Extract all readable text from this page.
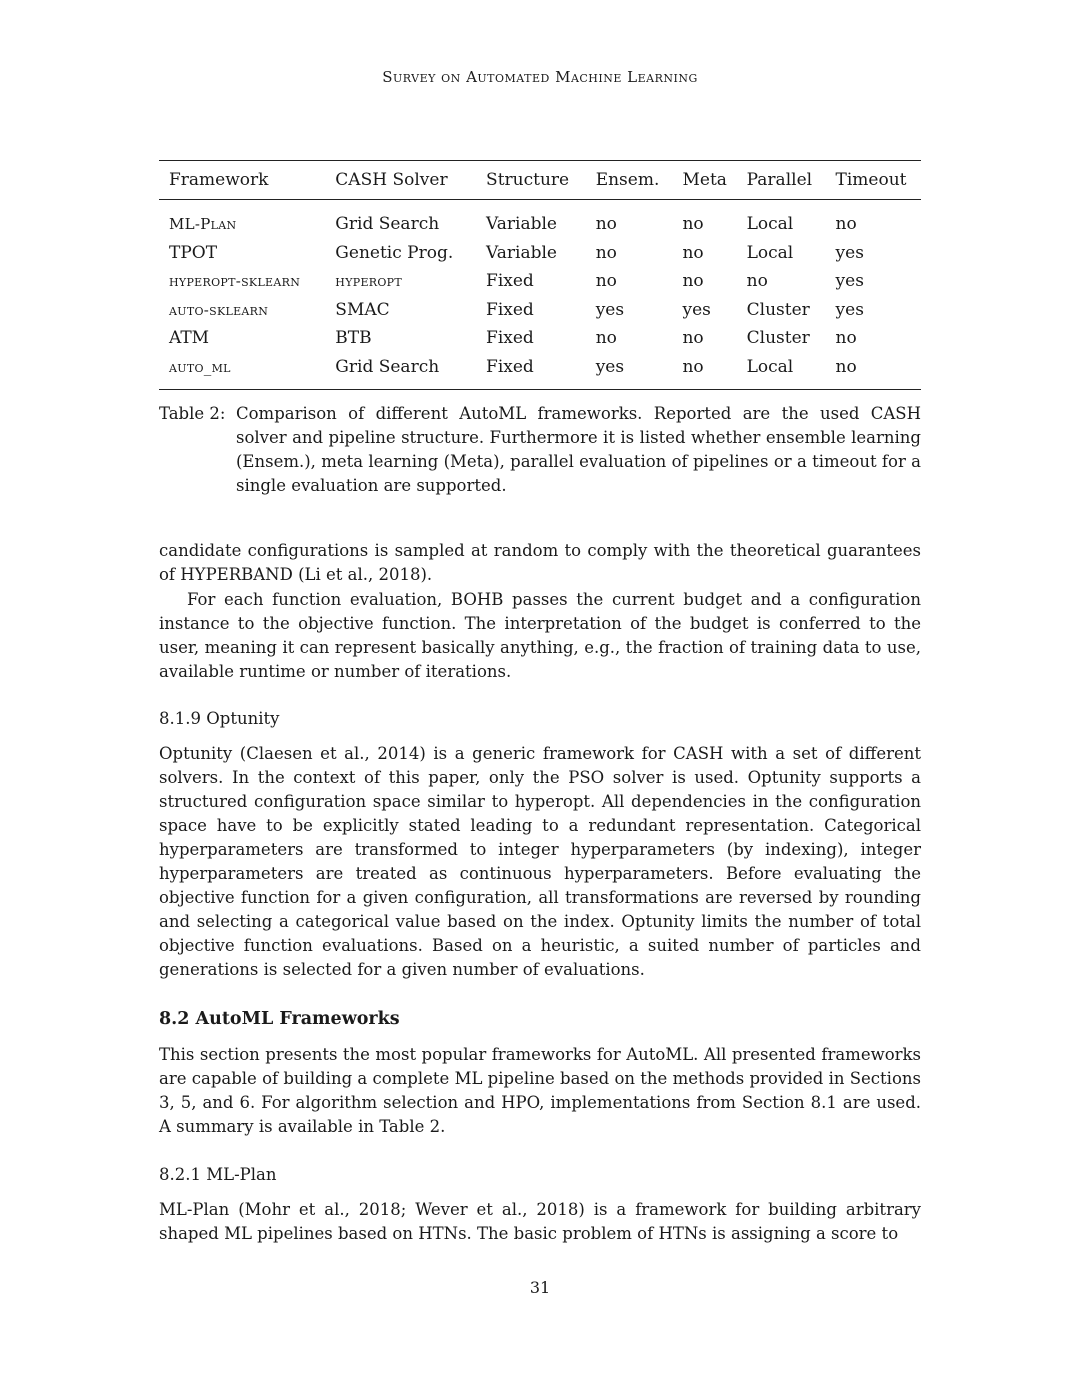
Survey on Automated Machine Learning
Framework	CASH Solver	Structure	Ensem.	Meta	Parallel	Timeout
ML-Plan	Grid Search	Variable	no	no	Local	no
TPOT	Genetic Prog.	Variable	no	no	Local	yes
hyperopt-sklearn	hyperopt	Fixed	no	no	no	yes
auto-sklearn	SMAC	Fixed	yes	yes	Cluster	yes
ATM	BTB	Fixed	no	no	Cluster	no
auto_ml	Grid Search	Fixed	yes	no	Local	no
Table 2: Comparison of different AutoML frameworks. Reported are the used CASH solver and pipeline structure. Furthermore it is listed whether ensemble learning (Ensem.), meta learning (Meta), parallel evaluation of pipelines or a timeout for a single evaluation are supported.

candidate configurations is sampled at random to comply with the theoretical guarantees of HYPERBAND (Li et al., 2018).

For each function evaluation, BOHB passes the current budget and a configuration instance to the objective function. The interpretation of the budget is conferred to the user, meaning it can represent basically anything, e.g., the fraction of training data to use, available runtime or number of iterations.

8.1.9 Optunity

Optunity (Claesen et al., 2014) is a generic framework for CASH with a set of different solvers. In the context of this paper, only the PSO solver is used. Optunity supports a structured configuration space similar to hyperopt. All dependencies in the configuration space have to be explicitly stated leading to a redundant representation. Categorical hyperparameters are transformed to integer hyperparameters (by indexing), integer hyperparameters are treated as continuous hyperparameters. Before evaluating the objective function for a given configuration, all transformations are reversed by rounding and selecting a categorical value based on the index. Optunity limits the number of total objective function evaluations. Based on a heuristic, a suited number of particles and generations is selected for a given number of evaluations.

8.2 AutoML Frameworks

This section presents the most popular frameworks for AutoML. All presented frameworks are capable of building a complete ML pipeline based on the methods provided in Sections 3, 5, and 6. For algorithm selection and HPO, implementations from Section 8.1 are used. A summary is available in Table 2.

8.2.1 ML-Plan

ML-Plan (Mohr et al., 2018; Wever et al., 2018) is a framework for building arbitrary shaped ML pipelines based on HTNs. The basic problem of HTNs is assigning a score to

31
